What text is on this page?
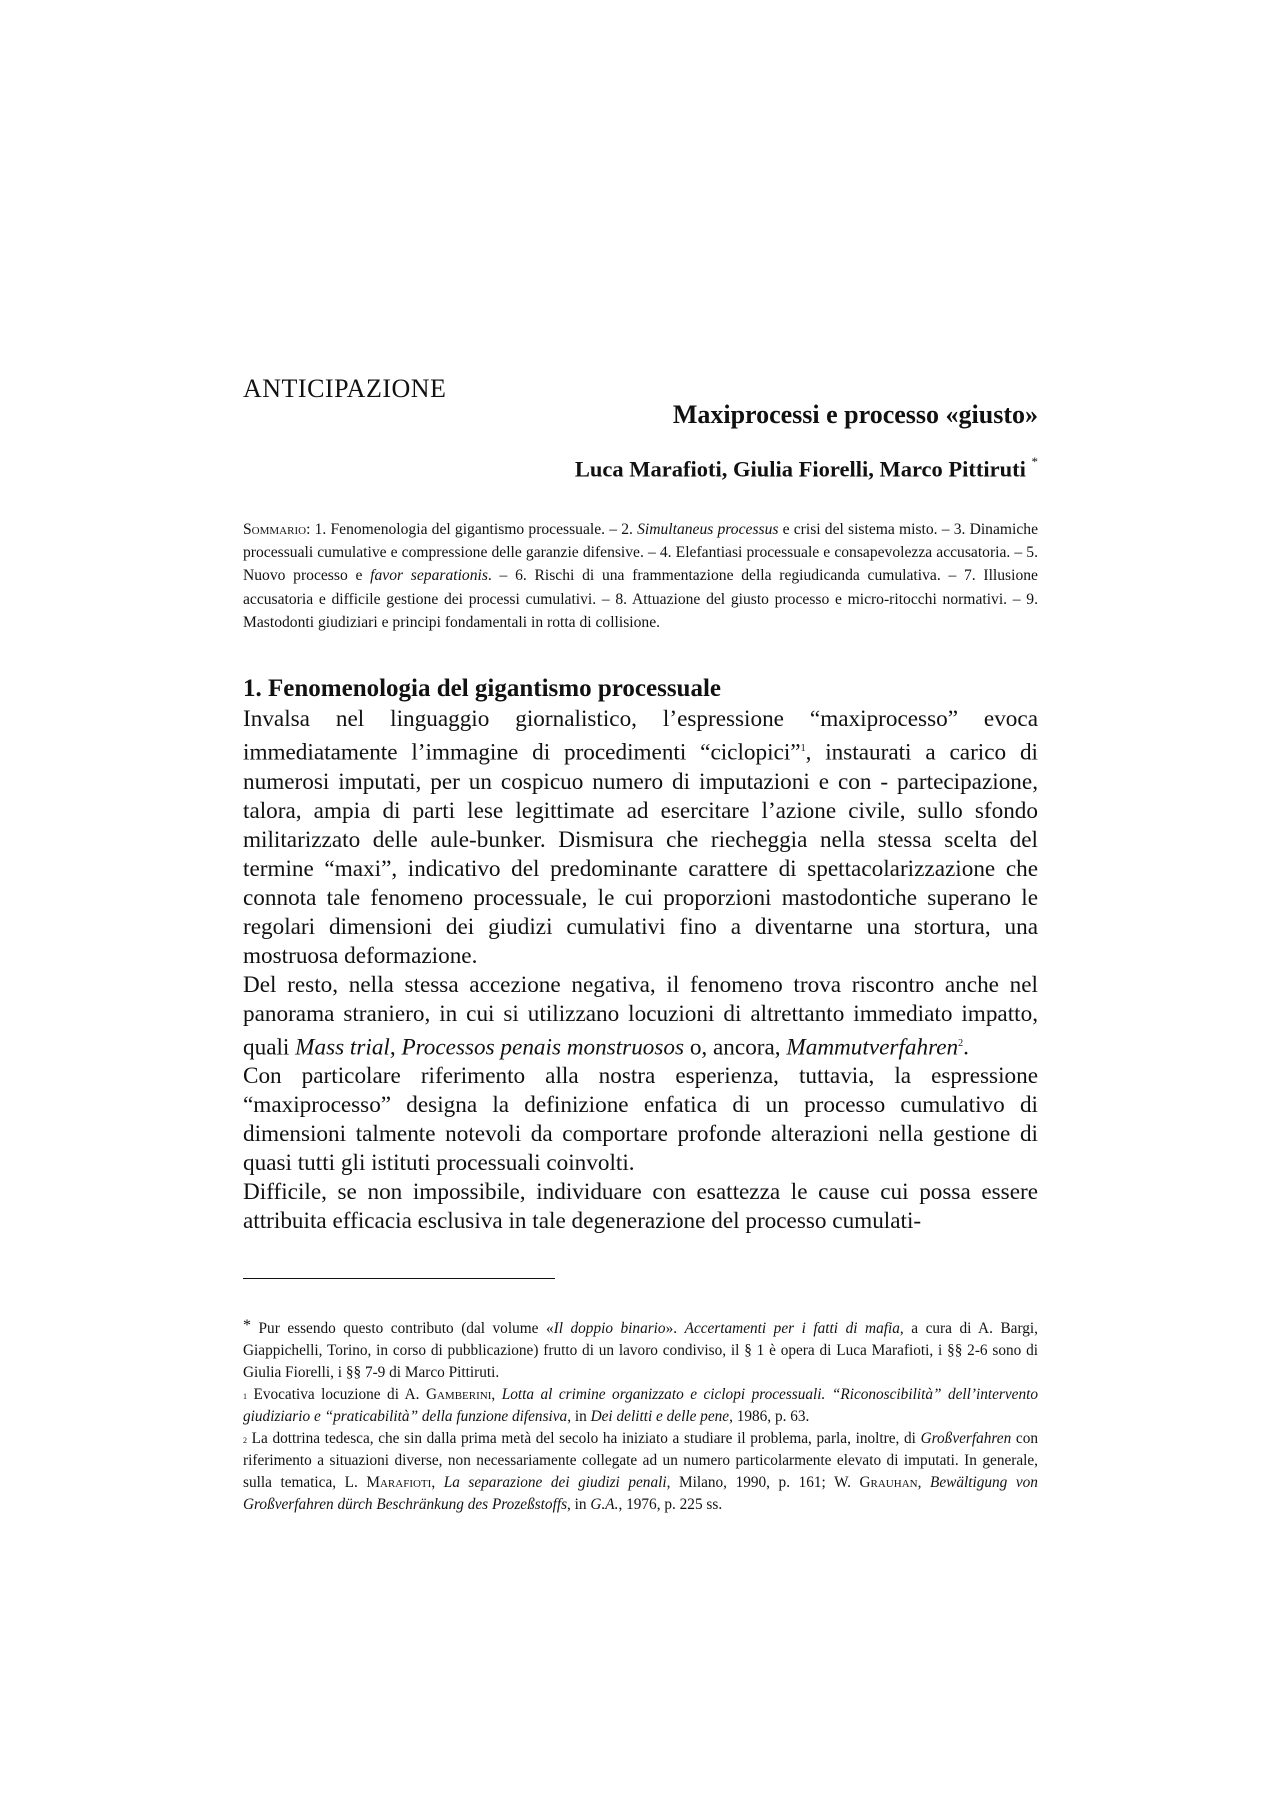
ANTICIPAZIONE
Maxiprocessi e processo «giusto»
Luca Marafioti, Giulia Fiorelli, Marco Pittiruti *
Sommario: 1. Fenomenologia del gigantismo processuale. – 2. Simultaneus processus e crisi del sistema misto. – 3. Dinamiche processuali cumulative e compressione delle garanzie difensive. – 4. Elefantiasi processuale e consapevolezza accusatoria. – 5. Nuovo processo e favor separationis. – 6. Rischi di una frammentazione della regiudicanda cumulativa. – 7. Illusione accusatoria e difficile gestione dei processi cumulativi. – 8. Attuazione del giusto processo e micro-ritocchi normativi. – 9. Mastodonti giudiziari e principi fondamentali in rotta di collisione.
1. Fenomenologia del gigantismo processuale

Invalsa nel linguaggio giornalistico, l’espressione “maxiprocesso” evoca immediatamente l’immagine di procedimenti “ciclopici”$^1$, instaurati a carico di numerosi imputati, per un cospicuo numero di imputazioni e con - partecipazione, talora, ampia di parti lese legittimate ad esercitare l’azione civile, sullo sfondo militarizzato delle aule-bunker. Dismisura che riecheggia nella stessa scelta del termine “maxi”, indicativo del predominante carattere di spettacolarizzazione che connota tale fenomeno processuale, le cui proporzioni mastodontiche superano le regolari dimensioni dei giudizi cumulativi fino a diventarne una stortura, una mostruosa deformazione.

Del resto, nella stessa accezione negativa, il fenomeno trova riscontro anche nel panorama straniero, in cui si utilizzano locuzioni di altrettanto immediato impatto, quali Mass trial, Processos penais monstruosos o, ancora, Mammutverfahren$^2$.

Con particolare riferimento alla nostra esperienza, tuttavia, la espressione “maxiprocesso” designa la definizione enfatica di un processo cumulativo di dimensioni talmente notevoli da comportare profonde alterazioni nella gestione di quasi tutti gli istituti processuali coinvolti.

Difficile, se non impossibile, individuare con esattezza le cause cui possa essere attribuita efficacia esclusiva in tale degenerazione del processo cumulati-

* Pur essendo questo contributo (dal volume «Il doppio binario». Accertamenti per i fatti di mafia, a cura di A. Bargi, Giappichelli, Torino, in corso di pubblicazione) frutto di un lavoro condiviso, il § 1 è opera di Luca Marafioti, i §§ 2-6 sono di Giulia Fiorelli, i §§ 7-9 di Marco Pittiruti.

$^1$ Evocativa locuzione di A. Gamberini, Lotta al crimine organizzato e ciclopi processuali. “Riconoscibilità” dell’intervento giudiziario e “praticabilità” della funzione difensiva, in Dei delitti e delle pene, 1986, p. 63.

$^2$ La dottrina tedesca, che sin dalla prima metà del secolo ha iniziato a studiare il problema, parla, inoltre, di Großverfahren con riferimento a situazioni diverse, non necessariamente collegate ad un numero particolarmente elevato di imputati. In generale, sulla tematica, L. Marafioti, La separazione dei giudizi penali, Milano, 1990, p. 161; W. Grauhan, Bewältigung von Großverfahren dürch Beschränkung des Prozeßstoffs, in G.A., 1976, p. 225 ss.
